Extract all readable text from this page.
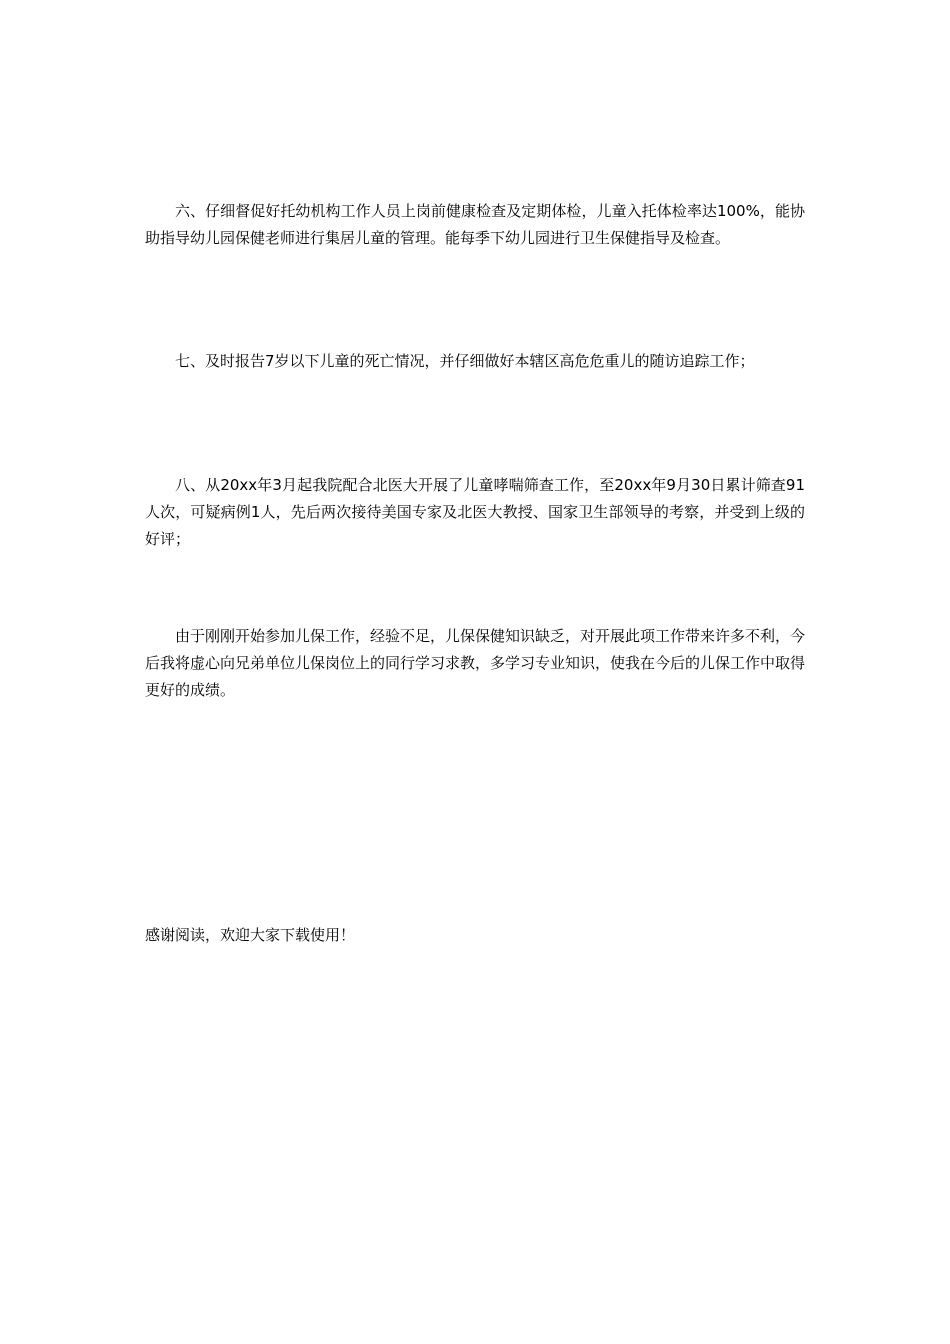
六、仔细督促好托幼机构工作人员上岗前健康检查及定期体检，儿童入托体检率达100%，能协助指导幼儿园保健老师进行集居儿童的管理。能每季下幼儿园进行卫生保健指导及检查。

七、及时报告7岁以下儿童的死亡情况，并仔细做好本辖区高危危重儿的随访追踪工作；

八、从20xx年3月起我院配合北医大开展了儿童哮喘筛查工作，至20xx年9月30日累计筛查91人次，可疑病例1人，先后两次接待美国专家及北医大教授、国家卫生部领导的考察，并受到上级的好评；

由于刚刚开始参加儿保工作，经验不足，儿保保健知识缺乏，对开展此项工作带来许多不利，今后我将虚心向兄弟单位儿保岗位上的同行学习求教，多学习专业知识，使我在今后的儿保工作中取得更好的成绩。

感谢阅读，欢迎大家下载使用！
